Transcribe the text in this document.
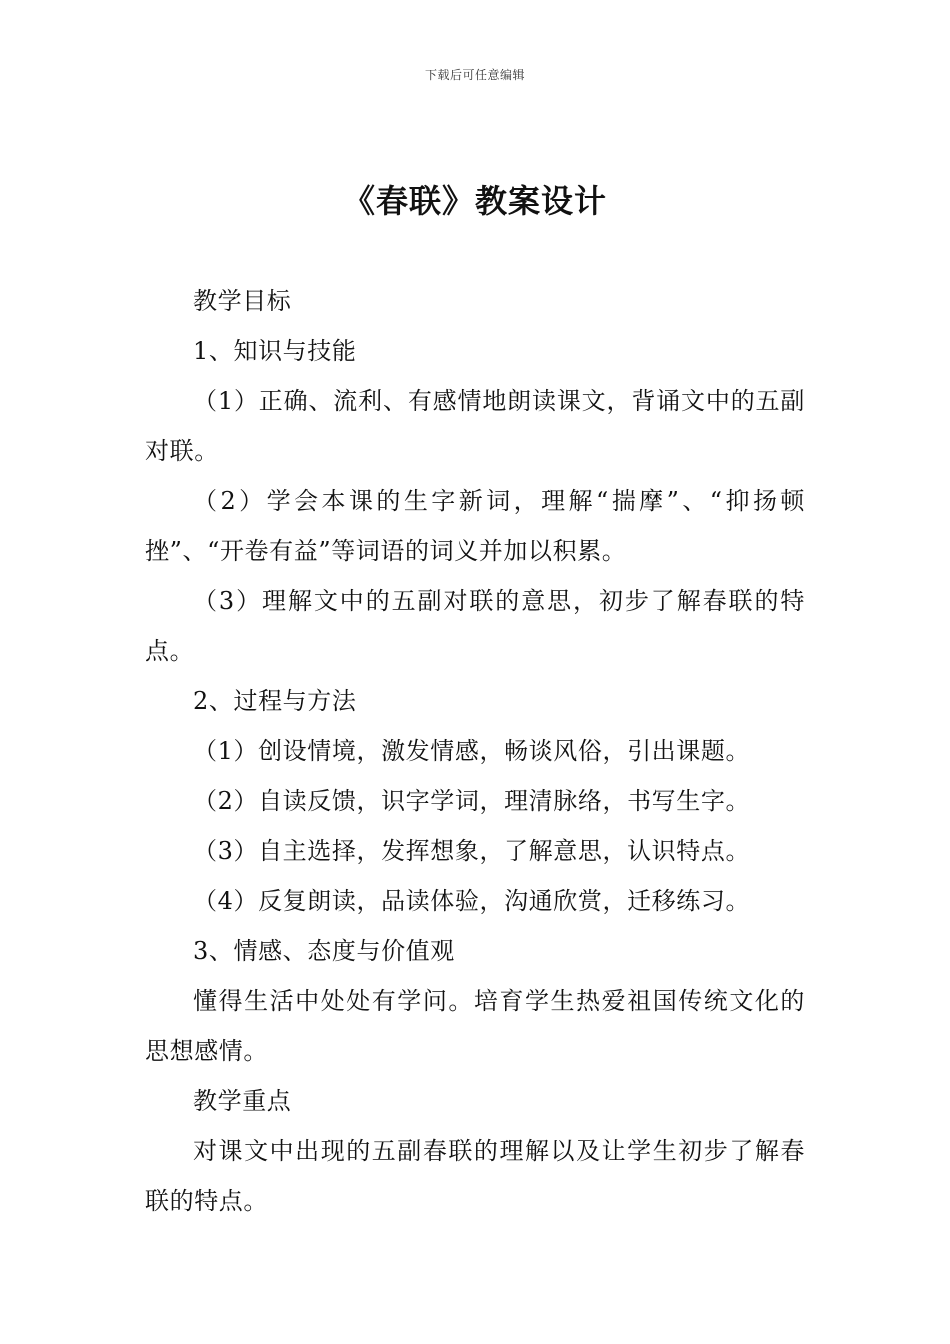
下载后可任意编辑
《春联》教案设计

教学目标

1、知识与技能

（1）正确、流利、有感情地朗读课文，背诵文中的五副对联。

（2）学会本课的生字新词，理解“揣摩”、“抑扬顿挫”、“开卷有益”等词语的词义并加以积累。

（3）理解文中的五副对联的意思，初步了解春联的特点。

2、过程与方法

（1）创设情境，激发情感，畅谈风俗，引出课题。

（2）自读反馈，识字学词，理清脉络，书写生字。

（3）自主选择，发挥想象，了解意思，认识特点。

（4）反复朗读，品读体验，沟通欣赏，迁移练习。

3、情感、态度与价值观

懂得生活中处处有学问。培育学生热爱祖国传统文化的思想感情。

教学重点

对课文中出现的五副春联的理解以及让学生初步了解春联的特点。
